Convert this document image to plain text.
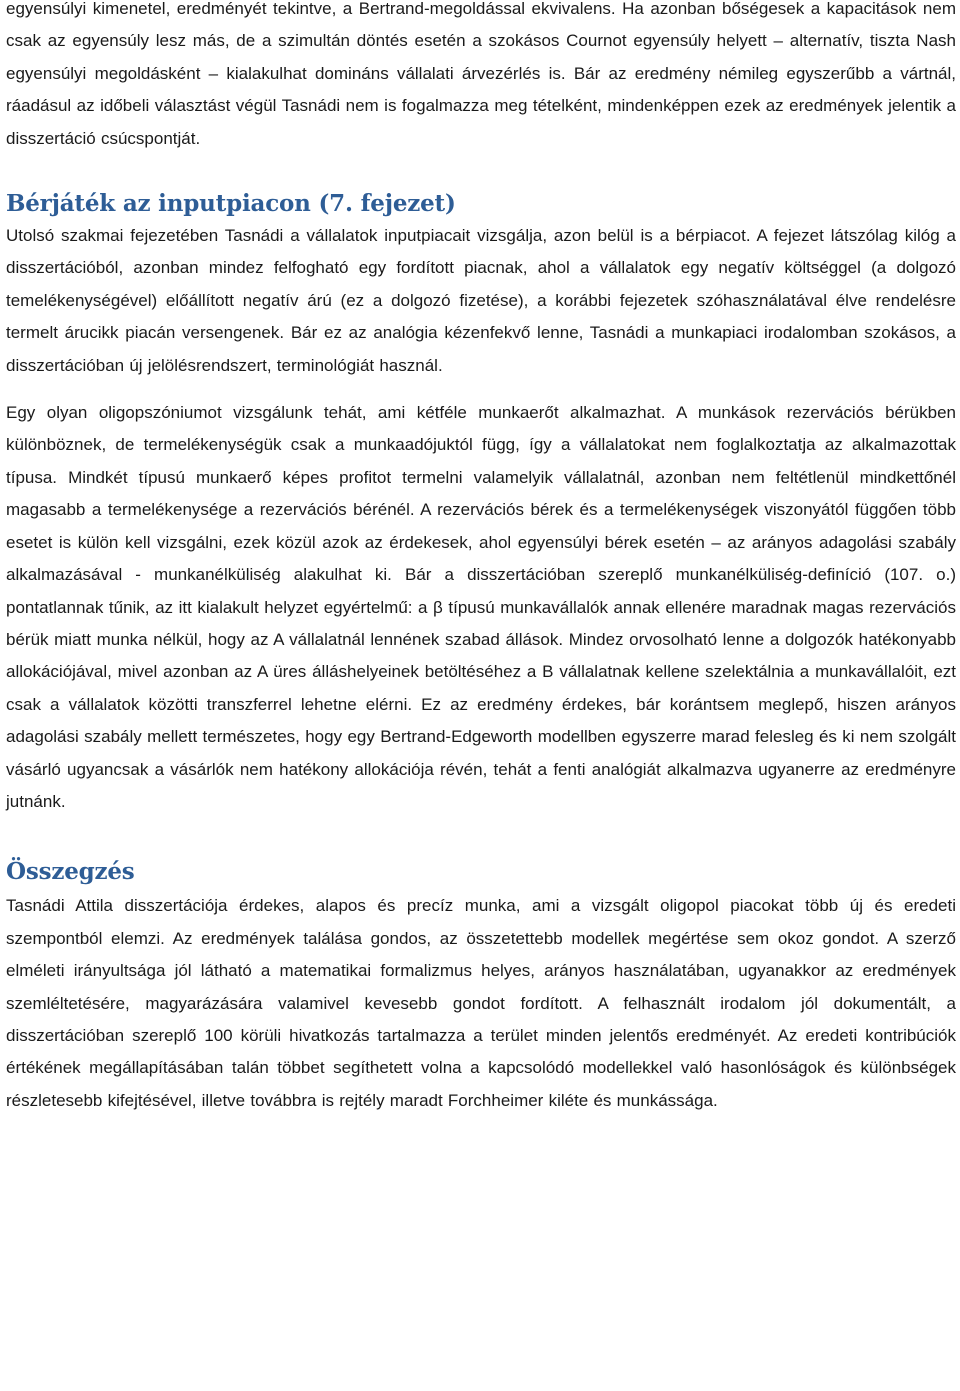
egyensúlyi kimenetel, eredményét tekintve, a Bertrand-megoldással ekvivalens. Ha azonban bőségesek a kapacitások nem csak az egyensúly lesz más, de a szimultán döntés esetén a szokásos Cournot egyensúly helyett – alternatív, tiszta Nash egyensúlyi megoldásként – kialakulhat domináns vállalati árvezérlés is. Bár az eredmény némileg egyszerűbb a vártnál, ráadásul az időbeli választást végül Tasnádi nem is fogalmazza meg tételként, mindenképpen ezek az eredmények jelentik a disszertáció csúcspontját.

Bérjáték az inputpiacon (7. fejezet)

Utolsó szakmai fejezetében Tasnádi a vállalatok inputpiacait vizsgálja, azon belül is a bérpiacot. A fejezet látszólag kilóg a disszertációból, azonban mindez felfogható egy fordított piacnak, ahol a vállalatok egy negatív költséggel (a dolgozó temelékenységével) előállított negatív árú (ez a dolgozó fizetése), a korábbi fejezetek szóhasználatával élve rendelésre termelt árucikk piacán versengenek. Bár ez az analógia kézenfekvő lenne, Tasnádi a munkapiaci irodalomban szokásos, a disszertációban új jelölésrendszert, terminológiát használ.

Egy olyan oligopszóniumot vizsgálunk tehát, ami kétféle munkaerőt alkalmazhat. A munkások rezervációs bérükben különböznek, de termelékenységük csak a munkaadójuktól függ, így a vállalatokat nem foglalkoztatja az alkalmazottak típusa. Mindkét típusú munkaerő képes profitot termelni valamelyik vállalatnál, azonban nem feltétlenül mindkettőnél magasabb a termelékenysége a rezervációs bérénél. A rezervációs bérek és a termelékenységek viszonyától függően több esetet is külön kell vizsgálni, ezek közül azok az érdekesek, ahol egyensúlyi bérek esetén – az arányos adagolási szabály alkalmazásával - munkanélküliség alakulhat ki. Bár a disszertációban szereplő munkanélküliség-definíció (107. o.) pontatlannak tűnik, az itt kialakult helyzet egyértelmű: a β típusú munkavállalók annak ellenére maradnak magas rezervációs bérük miatt munka nélkül, hogy az A vállalatnál lennének szabad állások. Mindez orvosolható lenne a dolgozók hatékonyabb allokációjával, mivel azonban az A üres álláshelyeinek betöltéséhez a B vállalatnak kellene szelektálnia a munkavállalóit, ezt csak a vállalatok közötti transzferrel lehetne elérni. Ez az eredmény érdekes, bár korántsem meglepő, hiszen arányos adagolási szabály mellett természetes, hogy egy Bertrand-Edgeworth modellben egyszerre marad felesleg és ki nem szolgált vásárló ugyancsak a vásárlók nem hatékony allokációja révén, tehát a fenti analógiát alkalmazva ugyanerre az eredményre jutnánk.

Összegzés

Tasnádi Attila disszertációja érdekes, alapos és precíz munka, ami a vizsgált oligopol piacokat több új és eredeti szempontból elemzi. Az eredmények találása gondos, az összetettebb modellek megértése sem okoz gondot. A szerző elméleti irányultsága jól látható a matematikai formalizmus helyes, arányos használatában, ugyanakkor az eredmények szemléltetésére, magyarázására valamivel kevesebb gondot fordított. A felhasznált irodalom jól dokumentált, a disszertációban szereplő 100 körüli hivatkozás tartalmazza a terület minden jelentős eredményét. Az eredeti kontribúciók értékének megállapításában talán többet segíthetett volna a kapcsolódó modellekkel való hasonlóságok és különbségek részletesebb kifejtésével, illetve továbbra is rejtély maradt Forchheimer kiléte és munkássága.
